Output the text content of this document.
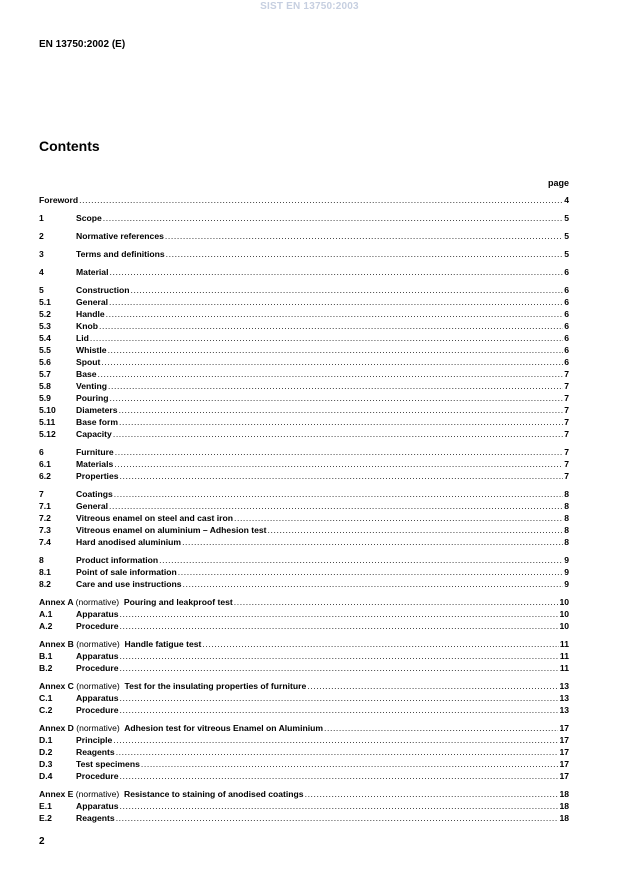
SIST EN 13750:2003
EN 13750:2002 (E)
Contents
page
Foreword .....	4
1	Scope .....	5
2	Normative references .....	5
3	Terms and definitions .....	5
4	Material .....	6
5	Construction .....	6
5.1	General .....	6
5.2	Handle .....	6
5.3	Knob .....	6
5.4	Lid .....	6
5.5	Whistle .....	6
5.6	Spout .....	6
5.7	Base .....	7
5.8	Venting .....	7
5.9	Pouring .....	7
5.10	Diameters .....	7
5.11	Base form .....	7
5.12	Capacity .....	7
6	Furniture .....	7
6.1	Materials .....	7
6.2	Properties .....	7
7	Coatings .....	8
7.1	General .....	8
7.2	Vitreous enamel on steel and cast iron .....	8
7.3	Vitreous enamel on aluminium – Adhesion test .....	8
7.4	Hard anodised aluminium .....	8
8	Product information .....	9
8.1	Point of sale information .....	9
8.2	Care and use instructions .....	9
Annex A (normative) Pouring and leakproof test .....	10
A.1	Apparatus .....	10
A.2	Procedure .....	10
Annex B (normative) Handle fatigue test .....	11
B.1	Apparatus .....	11
B.2	Procedure .....	11
Annex C (normative) Test for the insulating properties of furniture .....	13
C.1	Apparatus .....	13
C.2	Procedure .....	13
Annex D (normative) Adhesion test for vitreous Enamel on Aluminium .....	17
D.1	Principle .....	17
D.2	Reagents .....	17
D.3	Test specimens .....	17
D.4	Procedure .....	17
Annex E (normative) Resistance to staining of anodised coatings .....	18
E.1	Apparatus .....	18
E.2	Reagents .....	18
2
